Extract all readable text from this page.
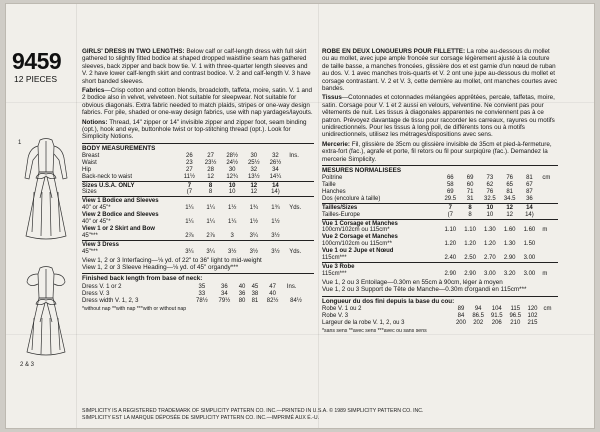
9459
12 PIECES
1
2 & 3

GIRLS' DRESS IN TWO LENGTHS: Below calf or calf-length dress with full skirt gathered to slightly fitted bodice at shaped dropped waistline seam has gathered sleeves, back zipper and back bow tie. V. 1 with three-quarter length sleeves and V. 2 have lower calf-length skirt and contrast bodice. V. 2 and calf-length V. 3 have short banded sleeves.

Fabrics—Crisp cotton and cotton blends, broadcloth, taffeta, moire, satin. V. 1 and 2 bodice also in velvet, velveteen. Not suitable for sleepwear. Not suitable for obvious diagonals. Extra fabric needed to match plaids, stripes or one-way design fabrics. For pile, shaded or one-way design fabrics, use with nap yardages/layouts.

Notions: Thread, 14" zipper or 14" invisible zipper and zipper foot, seam binding (opt.), hook and eye, buttonhole twist or top-stitching thread (opt.). Look for Simplicity Notions.

BODY MEASUREMENTS
Breast	26	27	28½	30	32	Ins.
Waist	23	23½	24½	25½	26½	
Hip	27	28	30	32	34	
Back-neck to waist	11½	12	12¾	13½	14¼	

Sizes U.S.A. ONLY	7	8	10	12	14	
Sizes	(7	8	10	12	14)	

View 1 Bodice and Sleeves						
40" or 45"*	1¼	1¼	1½	1¾	1¾	Yds.
View 2 Bodice and Sleeves						
40" or 45"*	1¼	1¼	1¼	1½	1½	
View 1 or 2 Skirt and Bow						
45"***	2⅞	2⅞	3	3¼	3½	

View 3 Dress						
45"***	3¼	3¼	3½	3½	3½	Yds.
View 1, 2 or 3 Interfacing—⅛ yd. of 22" to 36" light to mid-weight
View 1, 2 or 3 Sleeve Heading—⅛ yd. of 45" organdy***
Finished back length from base of neck:
Dress V. 1 or 2	35	36	40	45	47	Ins.	
Dress V. 3	33	34	36	38	40		
Dress width V. 1, 2, 3	78½	79½	80	81	82½	84½	
*without nap **with nap ***with or without nap

ROBE EN DEUX LONGUEURS POUR FILLETTE: La robe au-dessous du mollet ou au mollet, avec jupe ample froncée sur corsage légèrement ajusté à la couture de taille basse, a manches froncées, glissière dos et est garnie d'un nœud de ruban au dos. V. 1 avec manches trois-quarts et V. 2 ont une jupe au-dessous du mollet et corsage contrastant. V. 2 et V. 3, cette dernière au mollet, ont manches courtes avec bandes.

Tissus—Cotonnades et cotonnades mélangées apprêtées, percale, taffetas, moire, satin. Corsage pour V. 1 et 2 aussi en velours, velventine. Ne convient pas pour vêtements de nuit. Les tissus à diagonales apparentes ne conviennent pas à ce patron. Prévoyez davantage de tissu pour raccorder les carreaux, rayures ou motifs unidirectionnels. Pour les tissus à long poil, de différents tons ou à motifs unidirectionnels, utilisez les métrages/dispositions avec sens.

Mercerie: Fil, glissière de 35cm ou glissière invisible de 35cm et pied-à-fermeture, extra-fort (fac.), agrafe et porte, fil retors ou fil pour surpiqûre (fac.). Demandez la mercerie Simplicity.

MESURES NORMALISEES
Poitrine	66	69	73	76	81	cm
Taille	58	60	62	65	67	
Hanches	69	71	76	81	87	
Dos (encolure à taille)	29.5	31	32.5	34.5	36	

Tailles/Sizes	7	8	10	12	14	
Tailles-Europe	(7	8	10	12	14)	

Vue 1 Corsage et Manches						
100cm/102cm ou 115cm*	1.10	1.10	1.30	1.60	1.60	m
Vue 2 Corsage et Manches						
100cm/102cm ou 115cm**	1.20	1.20	1.20	1.30	1.50	
Vue 1 ou 2 Jupe et Nœud						
115cm***	2.40	2.50	2.70	2.90	3.00	

Vue 3 Robe						
115cm***	2.90	2.90	3.00	3.20	3.00	m
Vue 1, 2 ou 3 Entoilage—0.30m en 55cm à 90cm, léger à moyen
Vue 1, 2 ou 3 Support de Tête de Manche—0.30m d'organdi en 115cm***
Longueur du dos fini depuis la base du cou:
Robe V. 1 ou 2	89	94	104	115	120	cm
Robe V. 3	84	86.5	91.5	96.5	102	
Largeur de la robe V. 1, 2, ou 3	200	202	206	210	215	
*sans sens **avec sens ***avec ou sans sens
SIMPLICITY IS A REGISTERED TRADEMARK OF SIMPLICITY PATTERN CO. INC.—PRINTED IN U.S.A. © 1989 SIMPLICITY PATTERN CO. INC.
SIMPLICITY EST LA MARQUE DÉPOSÉE DE SIMPLICITY PATTERN CO. INC.—IMPRIMÉ AUX É.-U.
